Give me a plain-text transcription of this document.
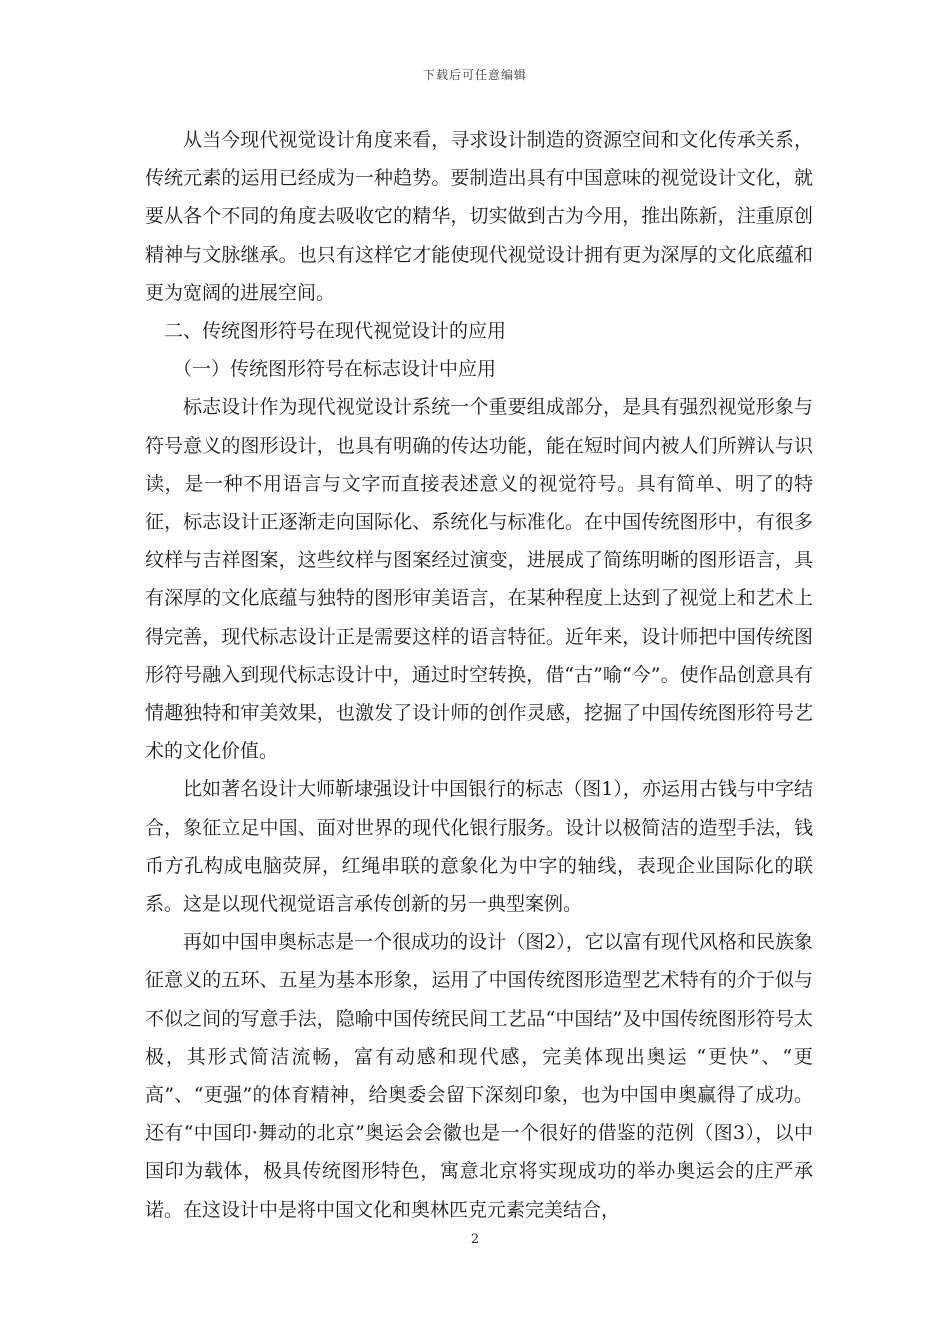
下载后可任意编辑

从当今现代视觉设计角度来看，寻求设计制造的资源空间和文化传承关系，传统元素的运用已经成为一种趋势。要制造出具有中国意味的视觉设计文化，就要从各个不同的角度去吸收它的精华，切实做到古为今用，推出陈新，注重原创精神与文脉继承。也只有这样它才能使现代视觉设计拥有更为深厚的文化底蕴和更为宽阔的进展空间。

二、传统图形符号在现代视觉设计的应用

（一）传统图形符号在标志设计中应用

标志设计作为现代视觉设计系统一个重要组成部分，是具有强烈视觉形象与符号意义的图形设计，也具有明确的传达功能，能在短时间内被人们所辨认与识读，是一种不用语言与文字而直接表述意义的视觉符号。具有简单、明了的特征，标志设计正逐渐走向国际化、系统化与标准化。在中国传统图形中，有很多纹样与吉祥图案，这些纹样与图案经过演变，进展成了简练明晰的图形语言，具有深厚的文化底蕴与独特的图形审美语言，在某种程度上达到了视觉上和艺术上得完善，现代标志设计正是需要这样的语言特征。近年来，设计师把中国传统图形符号融入到现代标志设计中，通过时空转换，借“古”喻“今”。使作品创意具有情趣独特和审美效果，也激发了设计师的创作灵感，挖掘了中国传统图形符号艺术的文化价值。

比如著名设计大师靳埭强设计中国银行的标志（图1），亦运用古钱与中字结合，象征立足中国、面对世界的现代化银行服务。设计以极简洁的造型手法，钱币方孔构成电脑荧屏，红绳串联的意象化为中字的轴线，表现企业国际化的联系。这是以现代视觉语言承传创新的另一典型案例。

再如中国申奥标志是一个很成功的设计（图2），它以富有现代风格和民族象征意义的五环、五星为基本形象，运用了中国传统图形造型艺术特有的介于似与不似之间的写意手法，隐喻中国传统民间工艺品“中国结”及中国传统图形符号太极，其形式简洁流畅，富有动感和现代感，完美体现出奥运 “更快”、“更高”、“更强”的体育精神，给奥委会留下深刻印象，也为中国申奥赢得了成功。还有“中国印·舞动的北京”奥运会会徽也是一个很好的借鉴的范例（图3），以中国印为载体，极具传统图形特色，寓意北京将实现成功的举办奥运会的庄严承诺。在这设计中是将中国文化和奥林匹克元素完美结合，

2
